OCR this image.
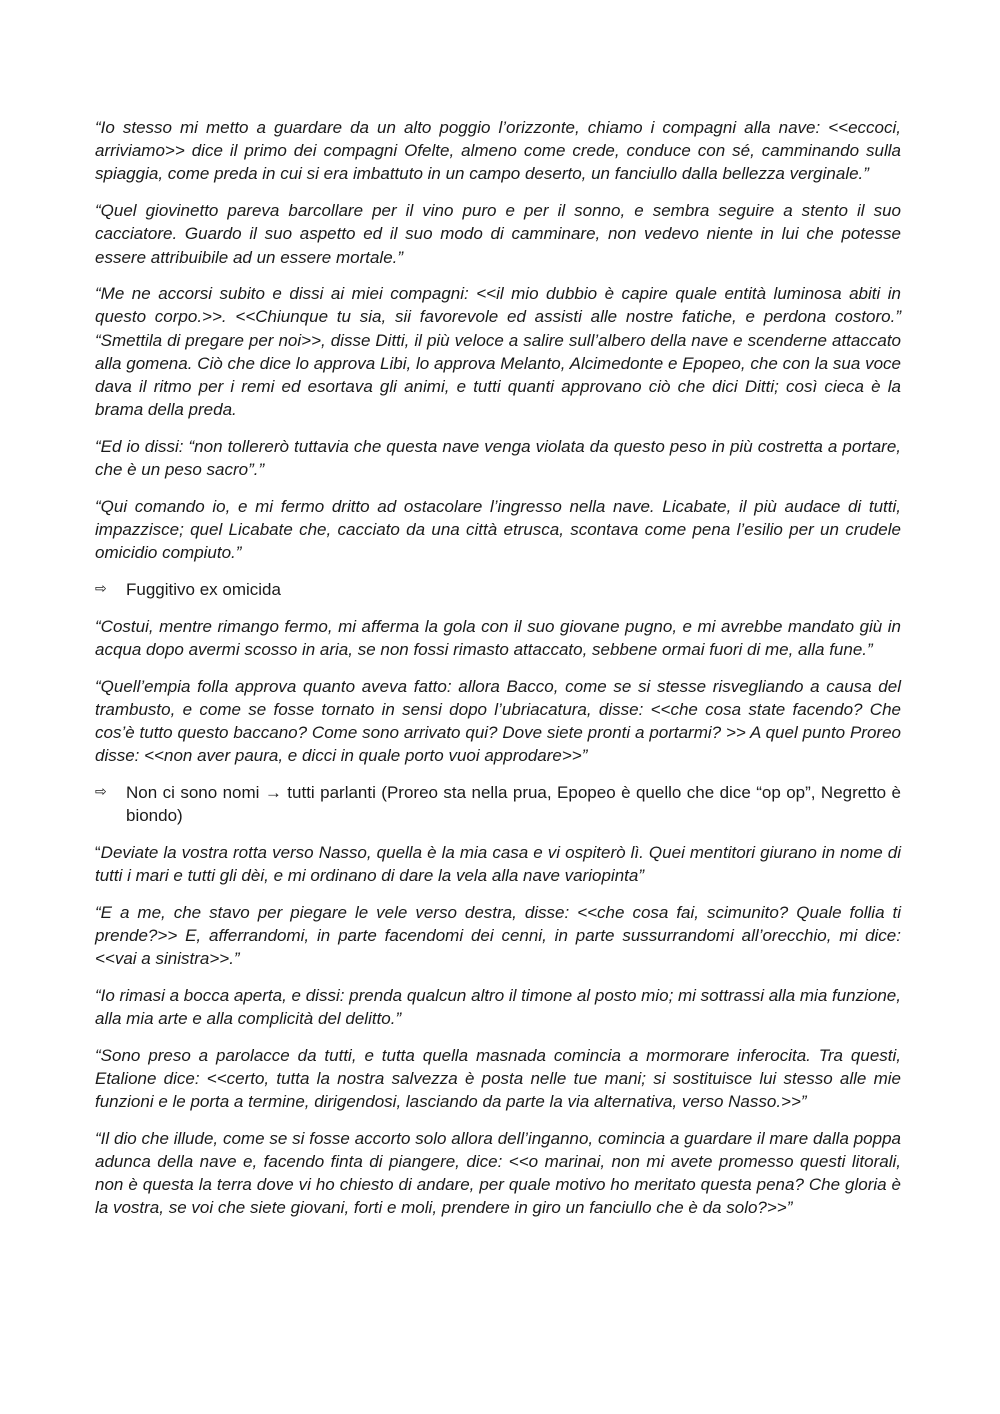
“Io stesso mi metto a guardare da un alto poggio l’orizzonte, chiamo i compagni alla nave: <<eccoci, arriviamo>> dice il primo dei compagni Ofelte, almeno come crede, conduce con sé, camminando sulla spiaggia, come preda in cui si era imbattuto in un campo deserto, un fanciullo dalla bellezza verginale.”

“Quel giovinetto pareva barcollare per il vino puro e per il sonno, e sembra seguire a stento il suo cacciatore. Guardo il suo aspetto ed il suo modo di camminare, non vedevo niente in lui che potesse essere attribuibile ad un essere mortale.”

“Me ne accorsi subito e dissi ai miei compagni: <<il mio dubbio è capire quale entità luminosa abiti in questo corpo.>>. <<Chiunque tu sia, sii favorevole ed assisti alle nostre fatiche, e perdona costoro.” “Smettila di pregare per noi>>, disse Ditti, il più veloce a salire sull’albero della nave e scenderne attaccato alla gomena. Ciò che dice lo approva Libi, lo approva Melanto, Alcimedonte e Epopeo, che con la sua voce dava il ritmo per i remi ed esortava gli animi, e tutti quanti approvano ciò che dici Ditti; così cieca è la brama della preda.

“Ed io dissi: “non tollererò tuttavia che questa nave venga violata da questo peso in più costretta a portare, che è un peso sacro”.”

“Qui comando io, e mi fermo dritto ad ostacolare l’ingresso nella nave. Licabate, il più audace di tutti, impazzisce; quel Licabate che, cacciato da una città etrusca, scontava come pena l’esilio per un crudele omicidio compiuto.”

⇨	Fuggitivo ex omicida

“Costui, mentre rimango fermo, mi afferma la gola con il suo giovane pugno, e mi avrebbe mandato giù in acqua dopo avermi scosso in aria, se non fossi rimasto attaccato, sebbene ormai fuori di me, alla fune.”

“Quell’empia folla approva quanto aveva fatto: allora Bacco, come se si stesse risvegliando a causa del trambusto, e come se fosse tornato in sensi dopo l’ubriacatura, disse: <<che cosa state facendo? Che cos’è tutto questo baccano? Come sono arrivato qui? Dove siete pronti a portarmi? >> A quel punto Proreo disse: <<non aver paura, e dicci in quale porto vuoi approdare>>”

⇨	Non ci sono nomi → tutti parlanti (Proreo sta nella prua, Epopeo è quello che dice “op op”, Negretto è biondo)

“Deviate la vostra rotta verso Nasso, quella è la mia casa e vi ospiterò lì. Quei mentitori giurano in nome di tutti i mari e tutti gli dèi, e mi ordinano di dare la vela alla nave variopinta”

“E a me, che stavo per piegare le vele verso destra, disse: <<che cosa fai, scimunito? Quale follia ti prende?>> E, afferrandomi, in parte facendomi dei cenni, in parte sussurrandomi all’orecchio, mi dice: <<vai a sinistra>>.”

“Io rimasi a bocca aperta, e dissi: prenda qualcun altro il timone al posto mio; mi sottrassi alla mia funzione, alla mia arte e alla complicità del delitto.”

“Sono preso a parolacce da tutti, e tutta quella masnada comincia a mormorare inferocita. Tra questi, Etalione dice: <<certo, tutta la nostra salvezza è posta nelle tue mani; si sostituisce lui stesso alle mie funzioni e le porta a termine, dirigendosi, lasciando da parte la via alternativa, verso Nasso.>>”

“Il dio che illude, come se si fosse accorto solo allora dell’inganno, comincia a guardare il mare dalla poppa adunca della nave e, facendo finta di piangere, dice: <<o marinai, non mi avete promesso questi litorali, non è questa la terra dove vi ho chiesto di andare, per quale motivo ho meritato questa pena? Che gloria è la vostra, se voi che siete giovani, forti e moli, prendere in giro un fanciullo che è da solo?>>”
